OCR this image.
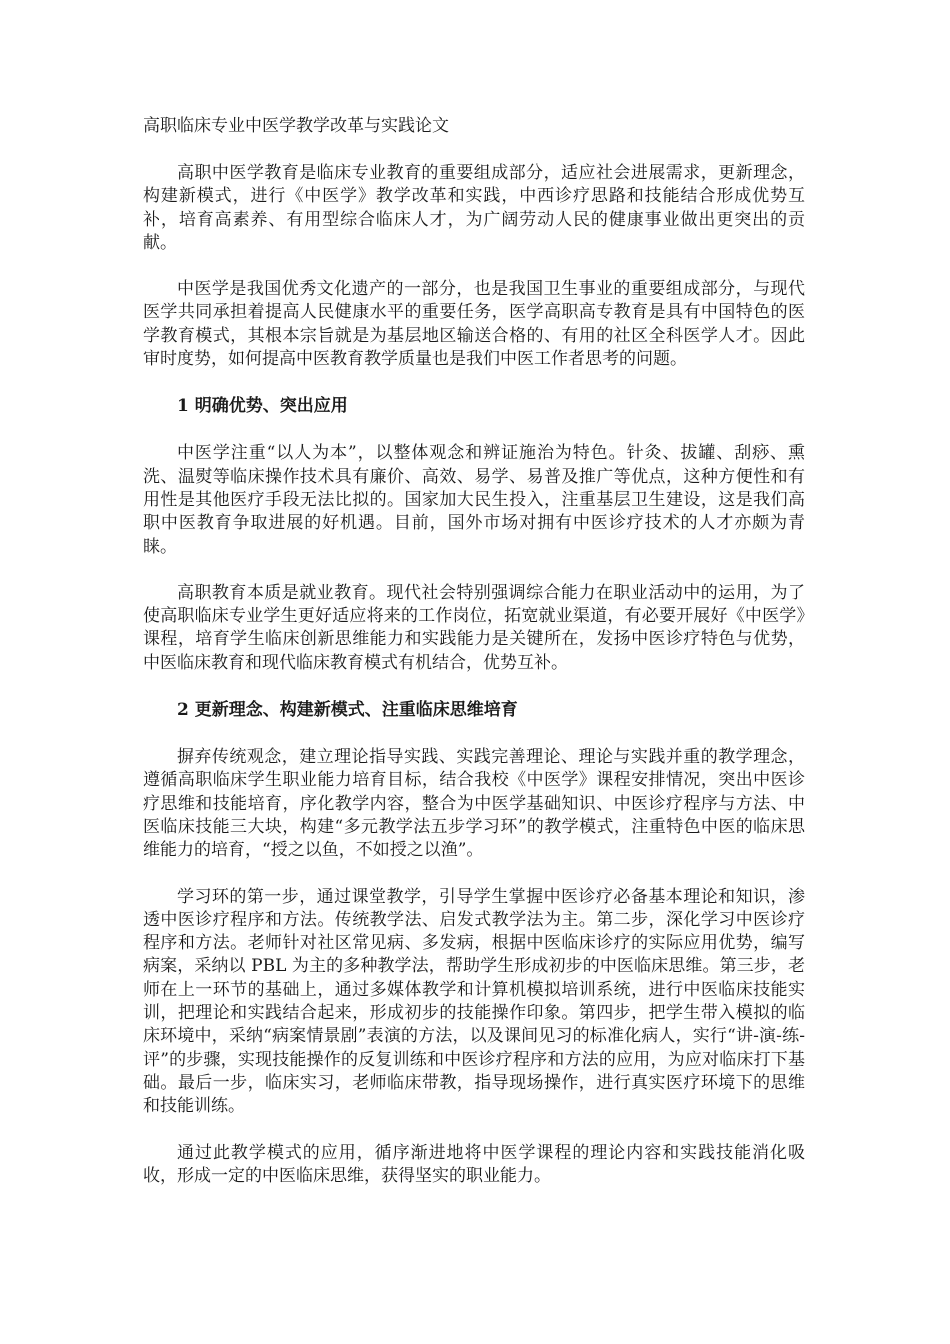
高职临床专业中医学教学改革与实践论文

高职中医学教育是临床专业教育的重要组成部分，适应社会进展需求，更新理念，构建新模式，进行《中医学》教学改革和实践，中西诊疗思路和技能结合形成优势互补，培育高素养、有用型综合临床人才，为广阔劳动人民的健康事业做出更突出的贡献。

中医学是我国优秀文化遗产的一部分，也是我国卫生事业的重要组成部分，与现代医学共同承担着提高人民健康水平的重要任务，医学高职高专教育是具有中国特色的医学教育模式，其根本宗旨就是为基层地区输送合格的、有用的社区全科医学人才。因此审时度势，如何提高中医教育教学质量也是我们中医工作者思考的问题。

1 明确优势、突出应用

中医学注重“以人为本”，以整体观念和辨证施治为特色。针灸、拔罐、刮痧、熏洗、温熨等临床操作技术具有廉价、高效、易学、易普及推广等优点，这种方便性和有用性是其他医疗手段无法比拟的。国家加大民生投入，注重基层卫生建设，这是我们高职中医教育争取进展的好机遇。目前，国外市场对拥有中医诊疗技术的人才亦颇为青睐。

高职教育本质是就业教育。现代社会特别强调综合能力在职业活动中的运用，为了使高职临床专业学生更好适应将来的工作岗位，拓宽就业渠道，有必要开展好《中医学》课程，培育学生临床创新思维能力和实践能力是关键所在，发扬中医诊疗特色与优势，中医临床教育和现代临床教育模式有机结合，优势互补。

2 更新理念、构建新模式、注重临床思维培育

摒弃传统观念，建立理论指导实践、实践完善理论、理论与实践并重的教学理念，遵循高职临床学生职业能力培育目标，结合我校《中医学》课程安排情况，突出中医诊疗思维和技能培育，序化教学内容，整合为中医学基础知识、中医诊疗程序与方法、中医临床技能三大块，构建“多元教学法五步学习环”的教学模式，注重特色中医的临床思维能力的培育，“授之以鱼，不如授之以渔”。

学习环的第一步，通过课堂教学，引导学生掌握中医诊疗必备基本理论和知识，渗透中医诊疗程序和方法。传统教学法、启发式教学法为主。第二步，深化学习中医诊疗程序和方法。老师针对社区常见病、多发病，根据中医临床诊疗的实际应用优势，编写病案，采纳以 PBL 为主的多种教学法，帮助学生形成初步的中医临床思维。第三步，老师在上一环节的基础上，通过多媒体教学和计算机模拟培训系统，进行中医临床技能实训，把理论和实践结合起来，形成初步的技能操作印象。第四步，把学生带入模拟的临床环境中，采纳“病案情景剧”表演的方法，以及课间见习的标准化病人，实行“讲-演-练-评”的步骤，实现技能操作的反复训练和中医诊疗程序和方法的应用，为应对临床打下基础。最后一步，临床实习，老师临床带教，指导现场操作，进行真实医疗环境下的思维和技能训练。

通过此教学模式的应用，循序渐进地将中医学课程的理论内容和实践技能消化吸收，形成一定的中医临床思维，获得坚实的职业能力。
